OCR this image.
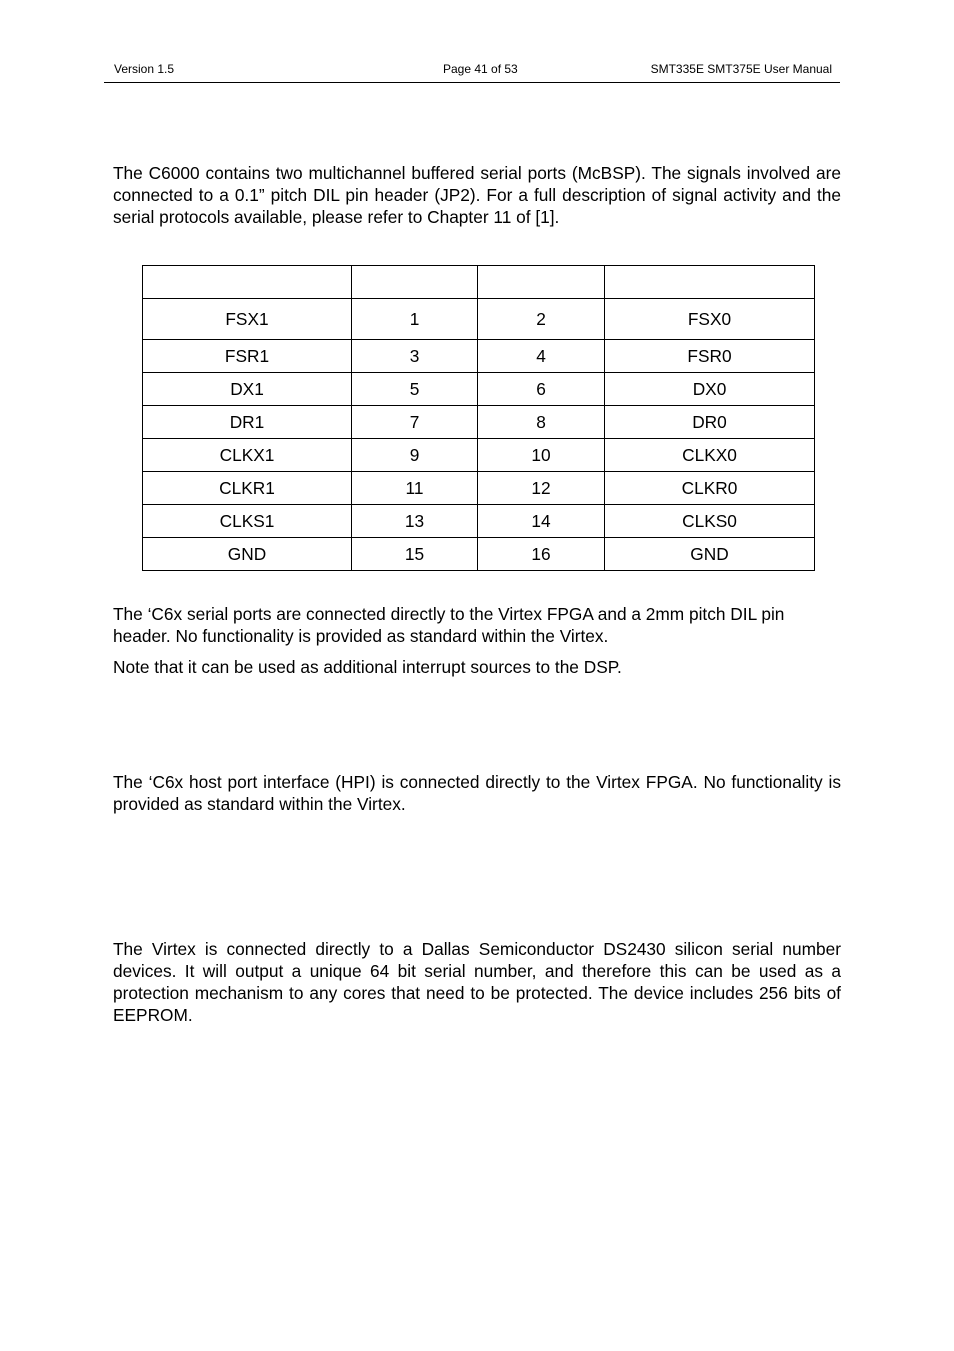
Version 1.5	Page 41 of 53	SMT335E SMT375E User Manual

The C6000 contains two multichannel buffered serial ports (McBSP). The signals involved are connected to a 0.1” pitch DIL pin header (JP2). For a full description of signal activity and the serial protocols available, please refer to Chapter 11 of [1].

FSX1	1	2	FSX0
FSR1	3	4	FSR0
DX1	5	6	DX0
DR1	7	8	DR0
CLKX1	9	10	CLKX0
CLKR1	11	12	CLKR0
CLKS1	13	14	CLKS0
GND	15	16	GND

The ‘C6x serial ports are connected directly to the Virtex FPGA and a 2mm pitch DIL pin header. No functionality is provided as standard within the Virtex.

Note that it can be used as additional interrupt sources to the DSP.

The ‘C6x host port interface (HPI) is connected directly to the Virtex FPGA. No functionality is provided as standard within the Virtex.

The Virtex is connected directly to a Dallas Semiconductor DS2430 silicon serial number devices. It will output a unique 64 bit serial number, and therefore this can be used as a protection mechanism to any cores that need to be protected. The device includes 256 bits of EEPROM.
